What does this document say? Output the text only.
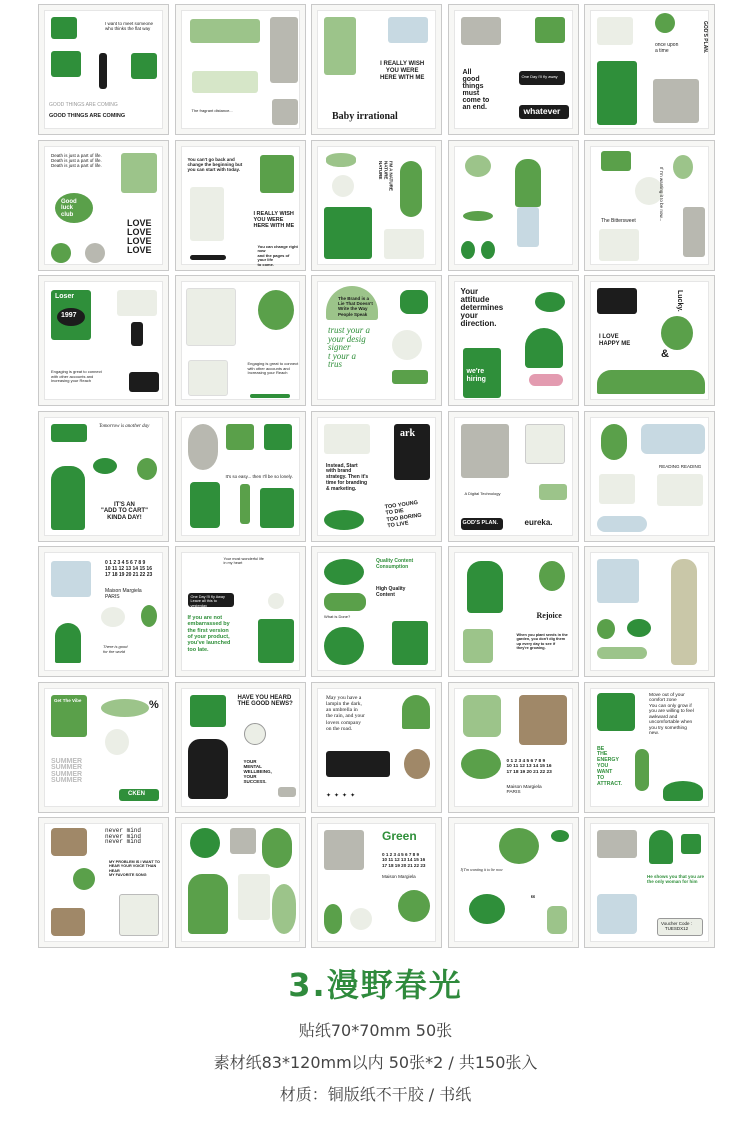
I want to meet someone
who thinks the flat way
GOOD THINGS ARE COMING
GOOD THINGS ARE COMING
The fragrant distance...
I REALLY WISH
YOU WERE
HERE WITH ME
Baby irrational
All
good
things
must
come to
an end.
One Day I'll fly away
whatever
GOD'S PLAN.
once upon
a time
Death is just a part of life.
Death is just a part of life.
Death is just a part of life.
Good
luck
club
LOVE
LOVE
LOVE
LOVE
You can't go back and
change the beginning but
you can start with today.
I REALLY WISH
YOU WERE
HERE WITH ME
You can change right now
and the pages of your life
to come.
I'M A NATURE
NATURE
NATURE	If I'm wanting it to be now...
The Bittersweet
Loser
1997
Engaging is great to connect
with other accounts and
Increasing your Reach
Engaging is great to connect
with other accounts and
Increasing your Reach
The Brand is a
Lie That Doesn't
Write the Way
People Speak
trust your a
your desig
signer
t your a
trus
Your
attitude
determines
your
direction.
we're
hiring
Lucky.
I LOVE
HAPPY ME
&
Tomorrow is another day
IT'S AN
"ADD TO CART"
KINDA DAY!
It's so easy... then I'll be so lonely.
ark
Instead, Start
with brand
strategy. Then it's
time for branding
& marketing.
TOO YOUNG
TO DIE
TOO BORING
TO LIVE
A Digital Technology
GOD'S PLAN.	eureka.
READING READING
0 1 2 3 4 5 6 7 8 9
10 11 12 13 14 15 16
17 18 19 20 21 22 23
Maison Margiela
PARIS
There is good
for the world
Your most wonderful life
in my heart
One Day I'll fly Away
Leave all this to yesterday
If you are not
embarrassed by
the first version
of your product,
you've launched
too late.
Quality Content
Consumption
High Quality
Content
What is Done?	Rejoice
When you plant seeds in the
garden, you don't dig them
up every day to see if
they're growing.
Get The Vibe	%
SUMMER
SUMMER
SUMMER
SUMMER
CKEN
HAVE YOU HEARD
THE GOOD NEWS?
YOUR
MENTAL
WELLBEING,
YOUR
SUCCESS.
May you have a
lampin the dark,
an umbrella in
the rain, and your
lovers company
on the road.
✦✦✦✦
0 1 2 3 4 5 6 7 8 9
10 11 12 13 14 15 16
17 18 19 20 21 22 23
Maison Margiela
PARIS
Move out of your
comfort zone
You can only grow if
you are willing to feel
awkward and
uncomfortable when
you try something
new.
BE
THE
ENERGY
YOU
WANT
TO
ATTRACT.
never mind
never mind
never mind
MY PROBLEM IS I WANT TO
HEAR YOUR VOICE THAN HEAR
MY FAVORITE SONG
Green
0 1 2 3 4 5 6 7 8 9
10 11 12 13 14 15 16
17 18 19 20 21 22 23
Maison Margiela
If I'm wanting it to be now
“
He shows you that you are
the only woman for him
Voucher Code :
TUESDX12
3.漫野春光
贴纸70*70mm 50张
素材纸83*120mm以内 50张*2 / 共150张入
材质：铜版纸不干胶 / 书纸
